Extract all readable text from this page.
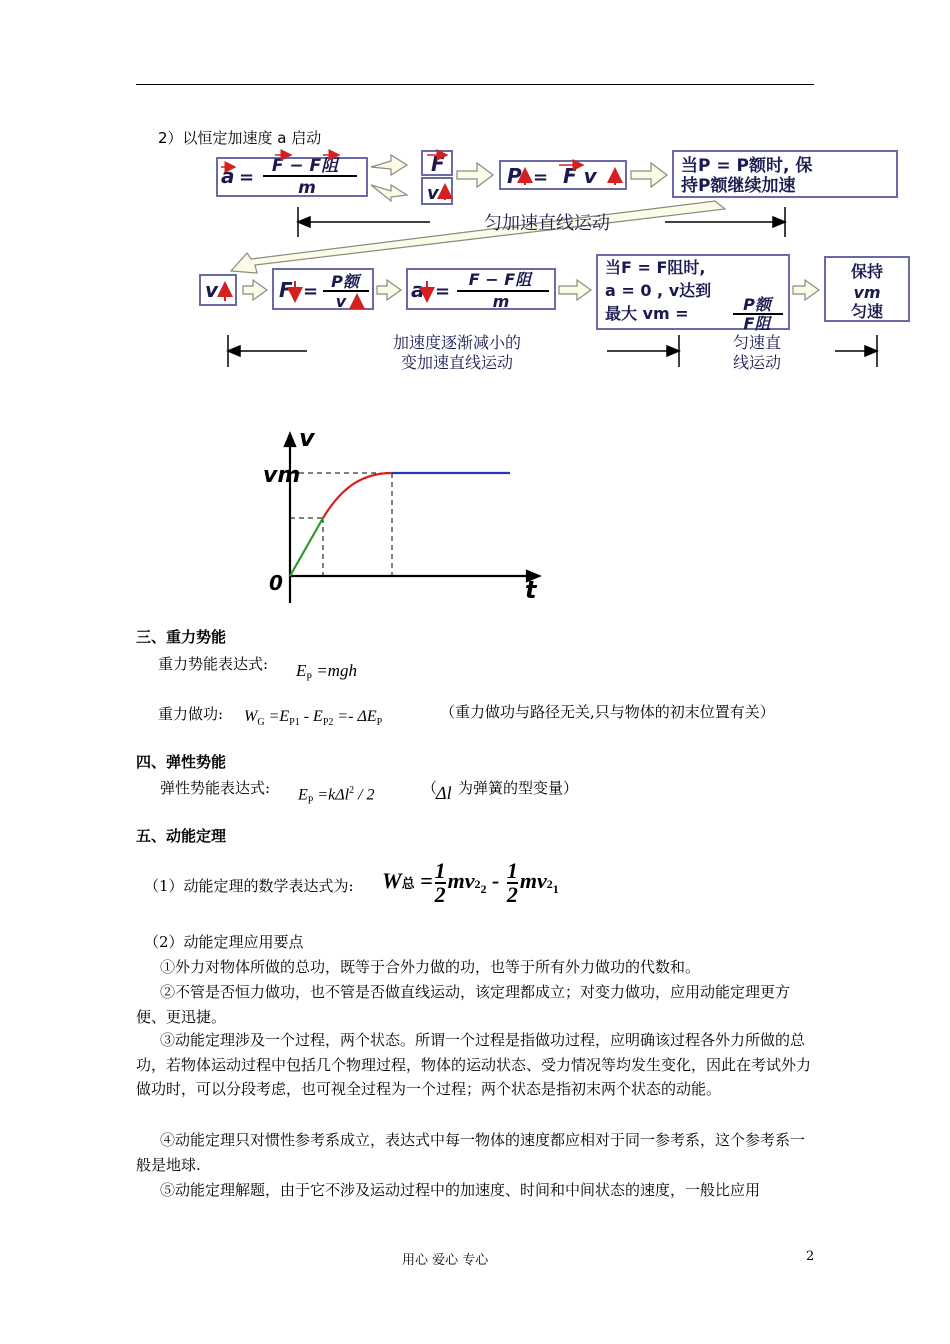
2）以恒定加速度 a 启动
a =
F − F阻
m
F
v
P = F v	当P = P额时, 保
持P额继续加速
匀加速直线运动
v	F = P额
v	a =
F − F阻
m
当F = F阻时,
a = 0 , v达到
最大 vm =	P额
F阻
保持
vm
匀速
加速度逐渐减小的
变加速直线运动
匀速直
线运动
v
t
vm
0
三、重力势能
重力势能表达式: $E_P =mgh$
重力做功: $W_G =E_{P1} - E_{P2} =- \Delta E_P$
（重力做功与路径无关,只与物体的初末位置有关）
四、弹性势能
弹性势能表达式: $E_P =k\Delta l^2 / 2$	（
Δl 为弹簧的型变量）
五、动能定理
（1）动能定理的数学表达式为: W总 = $\frac{1}{2} mv_{^22} - \frac{1}{2} mv_{^21}$
（2）动能定理应用要点
①外力对物体所做的总功，既等于合外力做的功，也等于所有外力做功的代数和。
②不管是否恒力做功，也不管是否做直线运动，该定理都成立；对变力做功，应用动能定理更方便、更迅捷。
③动能定理涉及一个过程，两个状态。所谓一个过程是指做功过程，应明确该过程各外力所做的总功，若物体运动过程中包括几个物理过程，物体的运动状态、受力情况等均发生变化，因此在考试外力做功时，可以分段考虑，也可视全过程为一个过程；两个状态是指初末两个状态的动能。
④动能定理只对惯性参考系成立，表达式中每一物体的速度都应相对于同一参考系，这个参考系一般是地球.
⑤动能定理解题，由于它不涉及运动过程中的加速度、时间和中间状态的速度，一般比应用
用心 爱心 专心	2
